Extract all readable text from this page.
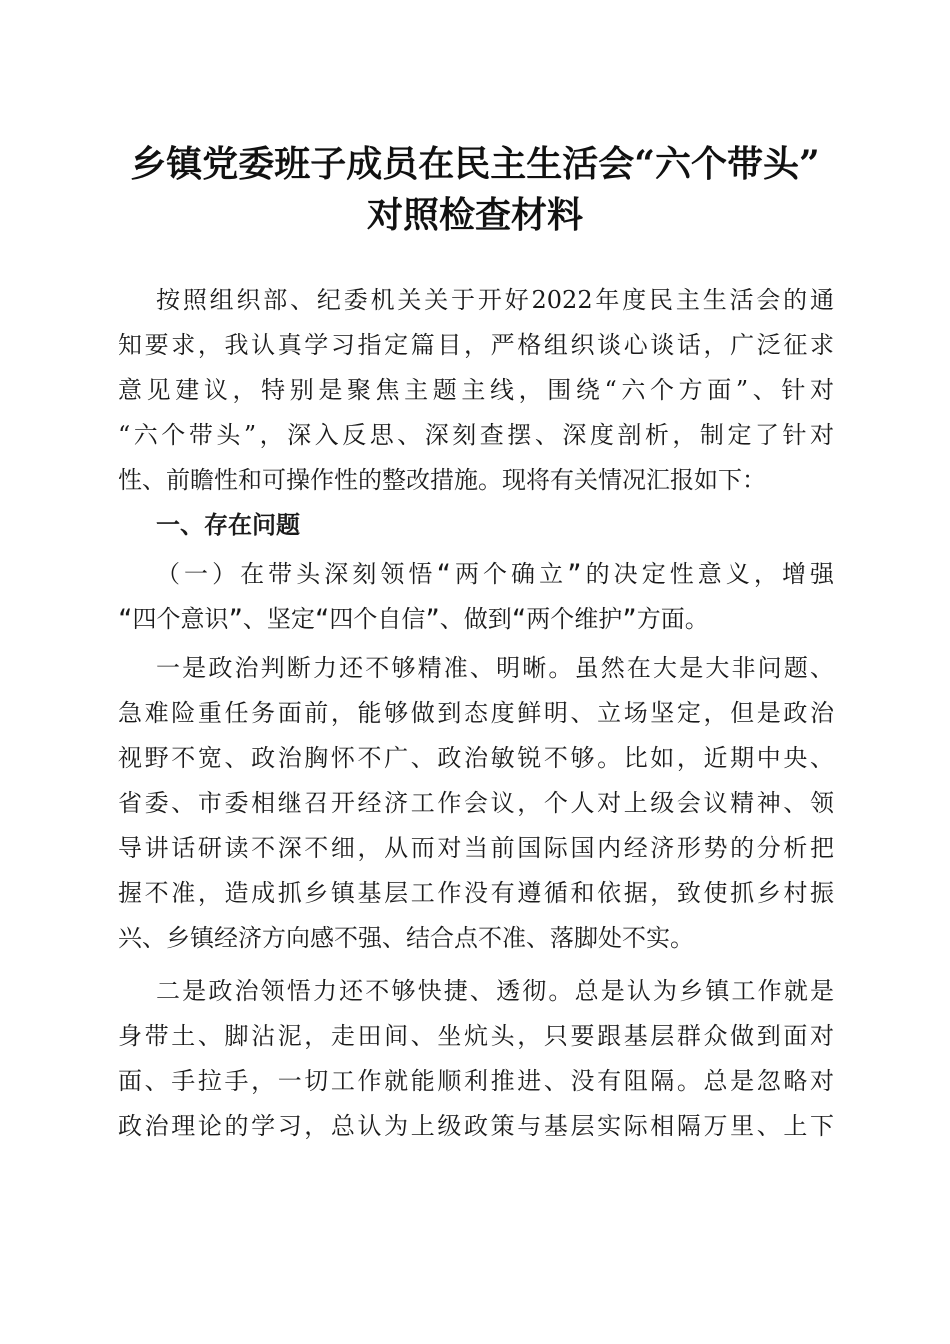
乡镇党委班子成员在民主生活会“六个带头”
对照检查材料
按照组织部、纪委机关关于开好2022年度民主生活会的通
知要求，我认真学习指定篇目，严格组织谈心谈话，广泛征求
意见建议，特别是聚焦主题主线，围绕“六个方面”、针对
“六个带头”，深入反思、深刻查摆、深度剖析，制定了针对
性、前瞻性和可操作性的整改措施。现将有关情况汇报如下：
一、存在问题
（一）在带头深刻领悟“两个确立”的决定性意义，增强
“四个意识”、坚定“四个自信”、做到“两个维护”方面。
一是政治判断力还不够精准、明晰。虽然在大是大非问题、
急难险重任务面前，能够做到态度鲜明、立场坚定，但是政治
视野不宽、政治胸怀不广、政治敏锐不够。比如，近期中央、
省委、市委相继召开经济工作会议，个人对上级会议精神、领
导讲话研读不深不细，从而对当前国际国内经济形势的分析把
握不准，造成抓乡镇基层工作没有遵循和依据，致使抓乡村振
兴、乡镇经济方向感不强、结合点不准、落脚处不实。
二是政治领悟力还不够快捷、透彻。总是认为乡镇工作就是
身带土、脚沾泥，走田间、坐炕头，只要跟基层群众做到面对
面、手拉手，一切工作就能顺利推进、没有阻隔。总是忽略对
政治理论的学习，总认为上级政策与基层实际相隔万里、上下
